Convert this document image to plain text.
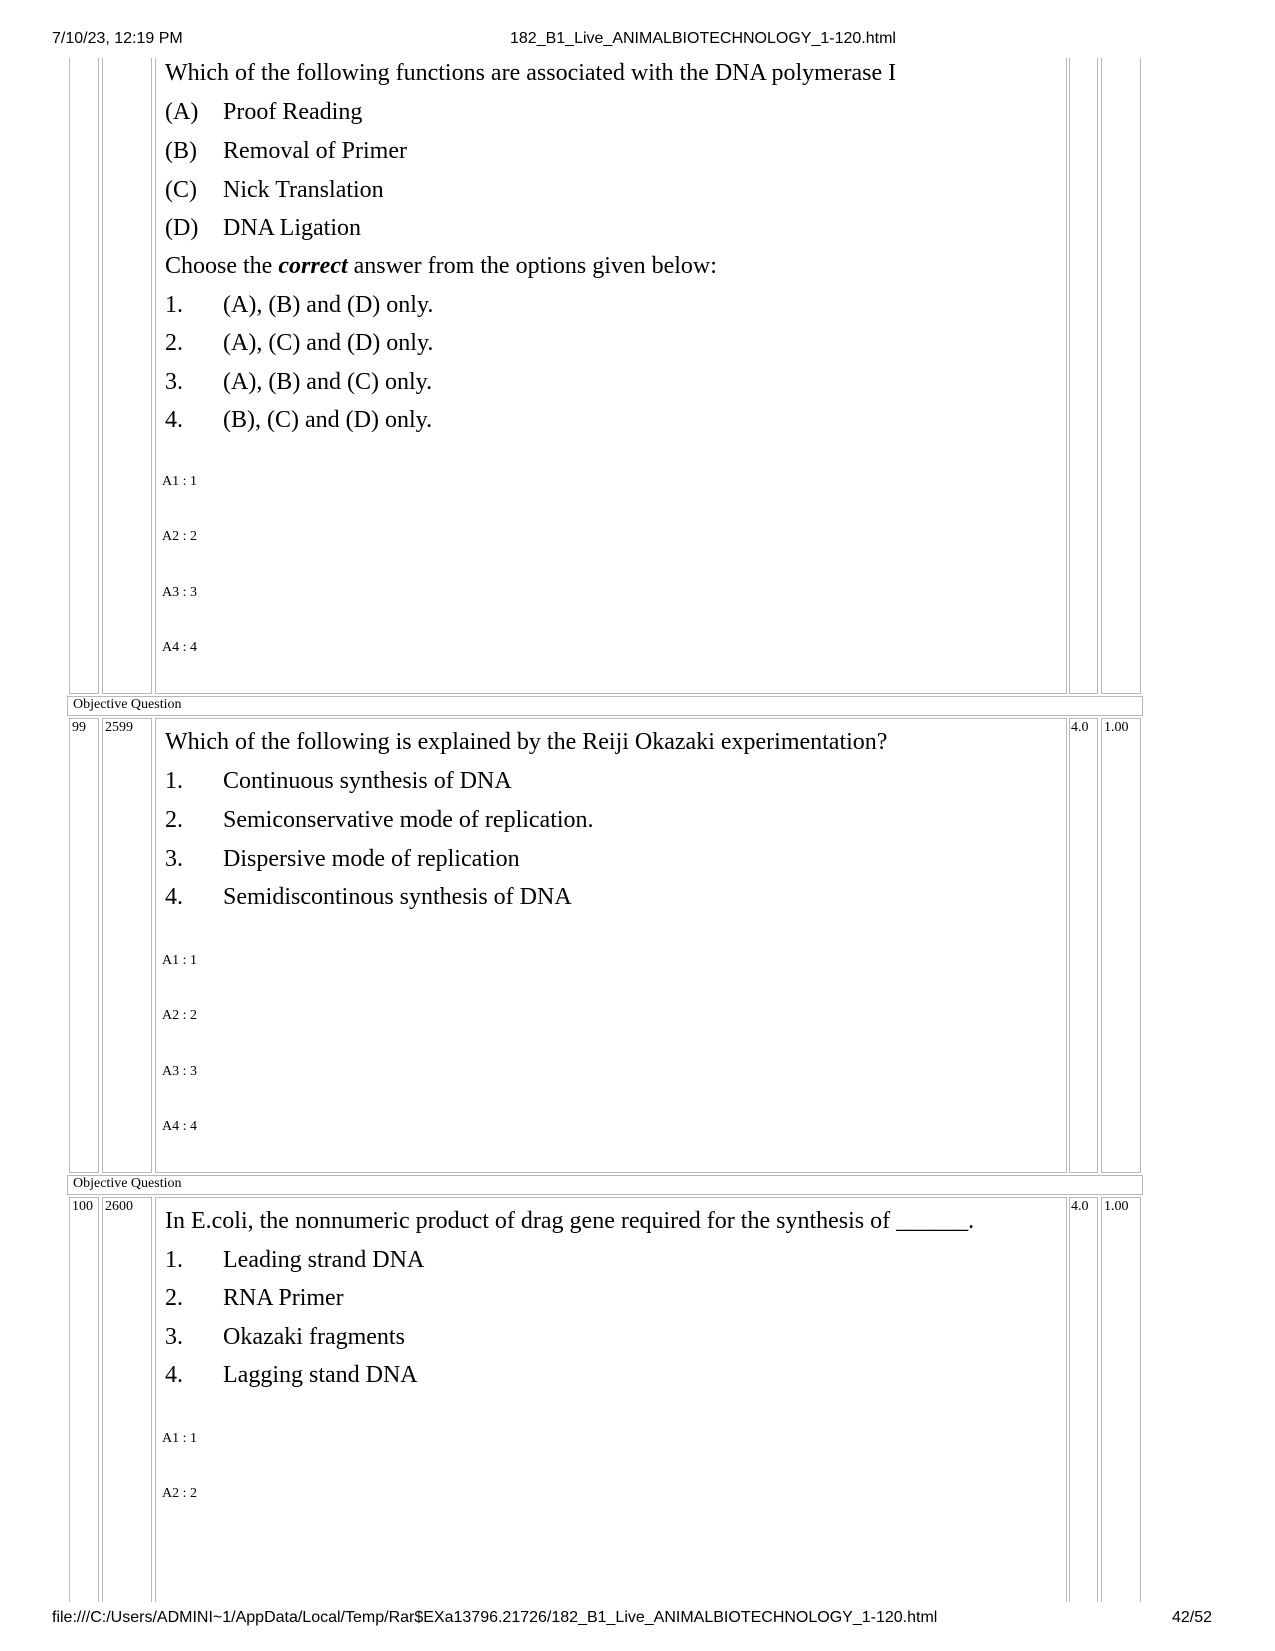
7/10/23, 12:19 PM	182_B1_Live_ANIMALBIOTECHNOLOGY_1-120.html
file:///C:/Users/ADMINI~1/AppData/Local/Temp/Rar$EXa13796.21726/182_B1_Live_ANIMALBIOTECHNOLOGY_1-120.html	42/52
Which of the following functions are associated with the DNA polymerase I
(A) Proof Reading
(B) Removal of Primer
(C) Nick Translation
(D) DNA Ligation
Choose the correct answer from the options given below:
1. (A), (B) and (D) only.
2. (A), (C) and (D) only.
3. (A), (B) and (C) only.
4. (B), (C) and (D) only.
A1 : 1
A2 : 2
A3 : 3
A4 : 4
Objective Question
99 2599	4.0 1.00
Which of the following is explained by the Reiji Okazaki experimentation?
1. Continuous synthesis of DNA
2. Semiconservative mode of replication.
3. Dispersive mode of replication
4. Semidiscontinous synthesis of DNA
A1 : 1
A2 : 2
A3 : 3
A4 : 4
Objective Question
100 2600	4.0 1.00
In E.coli, the nonnumeric product of drag gene required for the synthesis of ______.
1. Leading strand DNA
2. RNA Primer
3. Okazaki fragments
4. Lagging stand DNA
A1 : 1
A2 : 2
